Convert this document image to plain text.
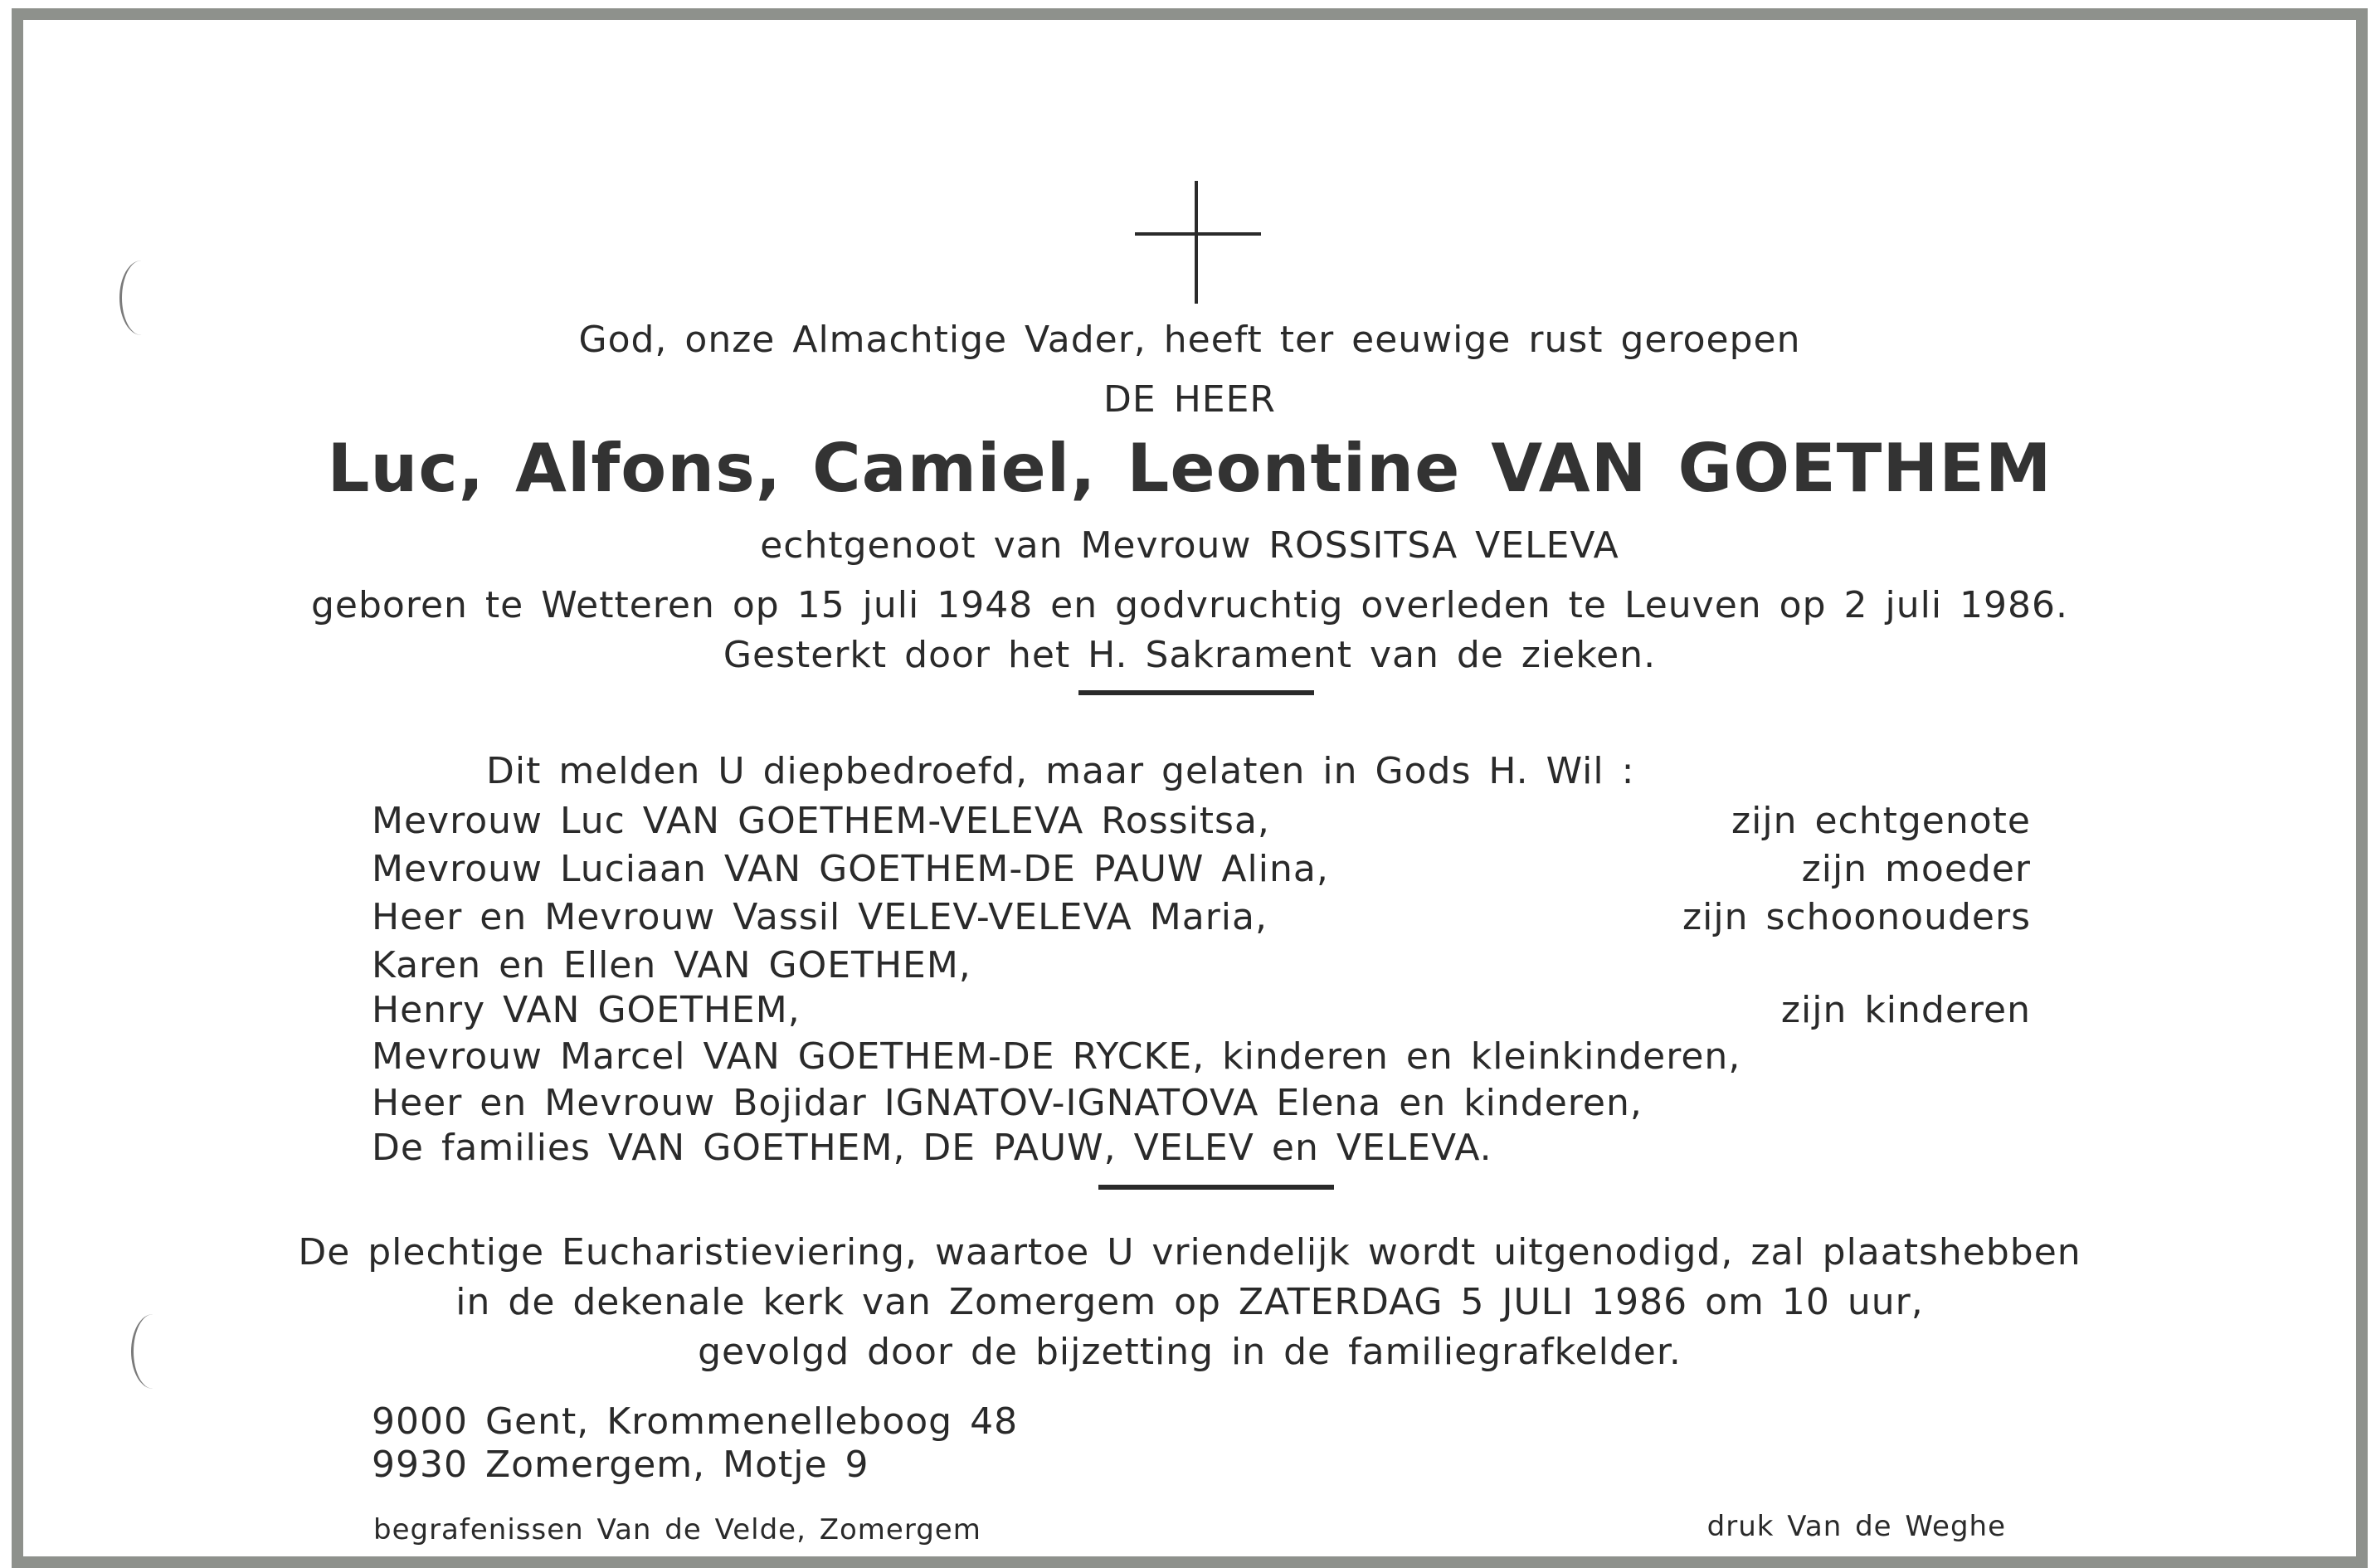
God, onze Almachtige Vader, heeft ter eeuwige rust geroepen
DE HEER
Luc, Alfons, Camiel, Leontine VAN GOETHEM
echtgenoot van Mevrouw ROSSITSA VELEVA
geboren te Wetteren op 15 juli 1948 en godvruchtig overleden te Leuven op 2 juli 1986.
Gesterkt door het H. Sakrament van de zieken.
Dit melden U diepbedroefd, maar gelaten in Gods H. Wil :
Mevrouw Luc VAN GOETHEM-VELEVA Rossitsa,	zijn echtgenote
Mevrouw Luciaan VAN GOETHEM-DE PAUW Alina,	zijn moeder
Heer en Mevrouw Vassil VELEV-VELEVA Maria,	zijn schoonouders
Karen en Ellen VAN GOETHEM,
Henry VAN GOETHEM,	zijn kinderen
Mevrouw Marcel VAN GOETHEM-DE RYCKE, kinderen en kleinkinderen,
Heer en Mevrouw Bojidar IGNATOV-IGNATOVA Elena en kinderen,
De families VAN GOETHEM, DE PAUW, VELEV en VELEVA.
De plechtige Eucharistieviering, waartoe U vriendelijk wordt uitgenodigd, zal plaatshebben
in de dekenale kerk van Zomergem op ZATERDAG 5 JULI 1986 om 10 uur,
gevolgd door de bijzetting in de familiegrafkelder.
9000 Gent, Krommenelleboog 48
9930 Zomergem, Motje 9
begrafenissen Van de Velde, Zomergem	druk Van de Weghe
